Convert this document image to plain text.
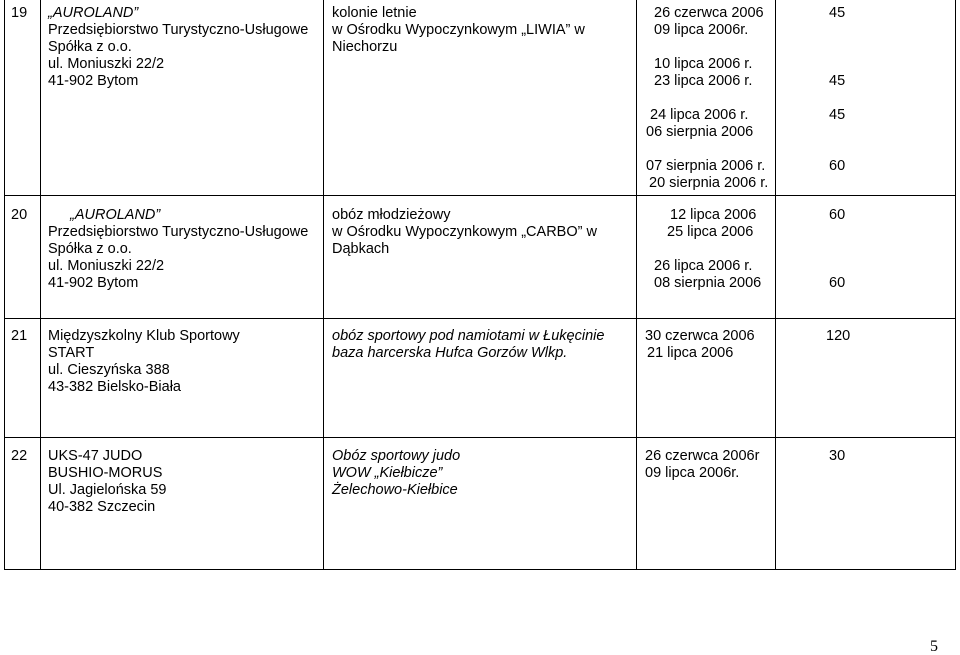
19 „AUROLAND”
Przedsiębiorstwo Turystyczno-Usługowe
Spółka z o.o.
ul. Moniuszki 22/2
41-902 Bytom
kolonie letnie
w Ośrodku Wypoczynkowym „LIWIA” w
Niechorzu
26 czerwca 2006
09 lipca 2006r.
10 lipca 2006 r.
23 lipca 2006 r.
24 lipca 2006 r.
06 sierpnia 2006
07 sierpnia 2006 r.
20 sierpnia 2006 r.
45
45
45
60
20	„AUROLAND”
Przedsiębiorstwo Turystyczno-Usługowe
Spółka z o.o.
ul. Moniuszki 22/2
41-902 Bytom
obóz młodzieżowy
w Ośrodku Wypoczynkowym „CARBO” w
Dąbkach
12 lipca 2006
25 lipca 2006
26 lipca 2006 r.
08 sierpnia 2006
60
60
21 Międzyszkolny Klub Sportowy
START
ul. Cieszyńska 388
43-382 Bielsko-Biała
obóz sportowy pod namiotami w Łukęcinie
baza harcerska Hufca Gorzów Wlkp.
30 czerwca 2006
21 lipca 2006
120
22 UKS-47 JUDO
BUSHIO-MORUS
Ul. Jagielońska 59
40-382 Szczecin
Obóz sportowy judo
WOW „Kiełbicze”
Żelechowo-Kiełbice
26 czerwca 2006r
09 lipca 2006r.
30
5
